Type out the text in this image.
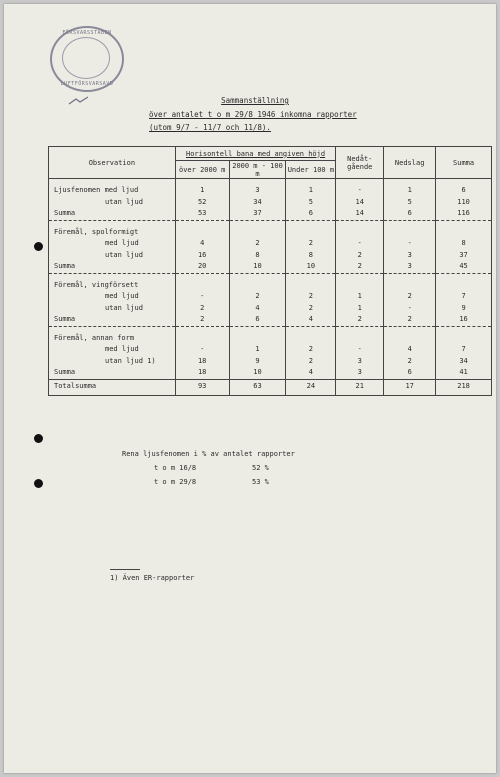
FÖRSVARSSTABEN
LUFTFÖRSVARSAVD
Sammanställning
över antalet t o m 29/8 1946 inkomna rapporter
(utom 9/7 - 11/7 och 11/8).
Observation	Horisontell bana med angiven höjd			Nedåt-gående	Nedslag	Summa
	över 2000 m	2000 m - 100 m	Under 100 m			

Ljusfenomen med ljud	1	3	1	-	1	6
utan ljud	52	34	5	14	5	110
Summa	53	37	6	14	6	116

Föremål, spolformigt						
med ljud	4	2	2	-	-	8
utan ljud	16	8	8	2	3	37
Summa	20	10	10	2	3	45

Föremål, vingförsett						
med ljud	-	2	2	1	2	7
utan ljud	2	4	2	1	-	9
Summa	2	6	4	2	2	16

Föremål, annan form						
med ljud	-	1	2	-	4	7
utan ljud 1)	18	9	2	3	2	34
Summa	18	10	4	3	6	41
Totalsumma	93	63	24	21	17	218
Rena ljusfenomen i % av antalet rapporter
t o m 16/8	52 %
t o m 29/8	53 %
1) Även ER-rapporter
